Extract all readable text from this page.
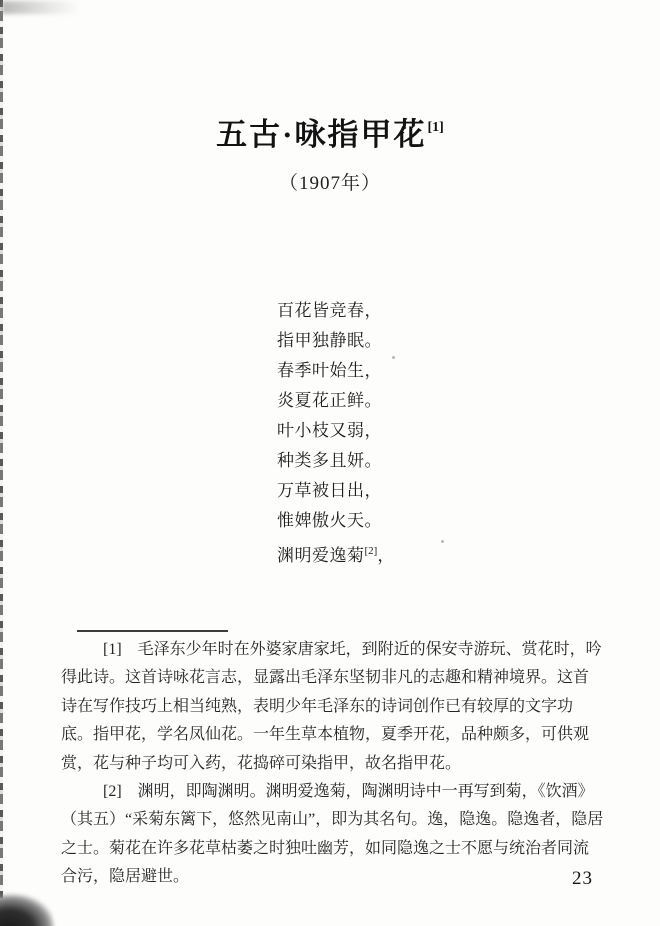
五古·咏指甲花[1]
（1907年）
百花皆竞春，
指甲独静眠。
春季叶始生，
炎夏花正鲜。
叶小枝又弱，
种类多且妍。
万草被日出，
惟婢傲火天。
渊明爱逸菊[2]，
[1]　毛泽东少年时在外婆家唐家圫，到附近的保安寺游玩、赏花时，吟
得此诗。这首诗咏花言志，显露出毛泽东坚韧非凡的志趣和精神境界。这首
诗在写作技巧上相当纯熟，表明少年毛泽东的诗词创作已有较厚的文字功
底。指甲花，学名凤仙花。一年生草本植物，夏季开花，品种颇多，可供观
赏，花与种子均可入药，花捣碎可染指甲，故名指甲花。
[2]　渊明，即陶渊明。渊明爱逸菊，陶渊明诗中一再写到菊，《饮酒》
（其五）“采菊东篱下，悠然见南山”，即为其名句。逸，隐逸。隐逸者，隐居
之士。菊花在许多花草枯萎之时独吐幽芳，如同隐逸之士不愿与统治者同流
合污，隐居避世。	23
